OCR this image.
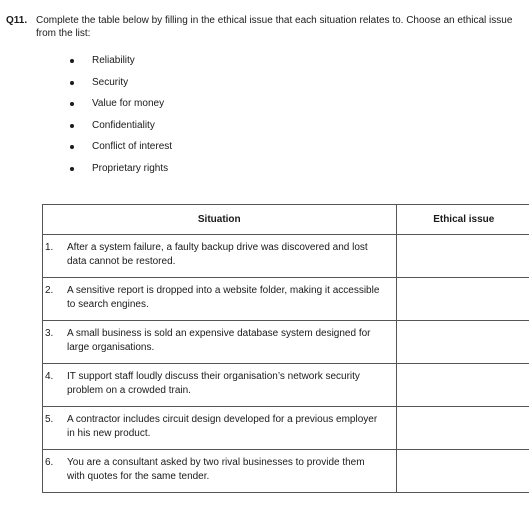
Q11. Complete the table below by filling in the ethical issue that each situation relates to. Choose an ethical issue from the list:
Reliability
Security
Value for money
Confidentiality
Conflict of interest
Proprietary rights
Situation	Ethical issue
1. After a system failure, a faulty backup drive was discovered and lost data cannot be restored.	
2. A sensitive report is dropped into a website folder, making it accessible to search engines.	
3. A small business is sold an expensive database system designed for large organisations.	
4. IT support staff loudly discuss their organisation’s network security problem on a crowded train.	
5. A contractor includes circuit design developed for a previous employer in his new product.	
6. You are a consultant asked by two rival businesses to provide them with quotes for the same tender.	
